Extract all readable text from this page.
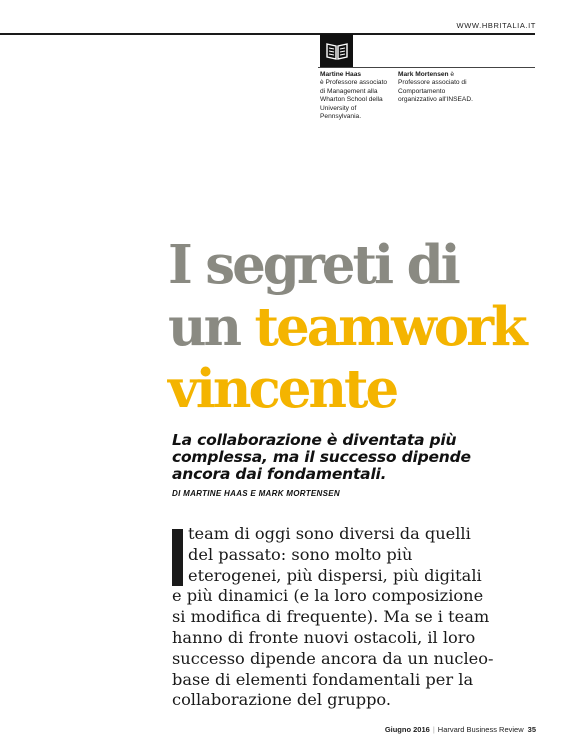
WWW.HBRITALIA.IT
Martine Haas
è Professore associato di Management alla Wharton School della University of Pennsylvania.
Mark Mortensen è Professore associato di Comportamento organizzativo all'INSEAD.
I segreti di
un teamwork
vincente
La collaborazione è diventata più complessa, ma il successo dipende ancora dai fondamentali.
DI MARTINE HAAS E MARK MORTENSEN
team di oggi sono diversi da quelli
del passato: sono molto più
eterogenei, più dispersi, più digitali
e più dinamici (e la loro composizione
si modifica di frequente). Ma se i team
hanno di fronte nuovi ostacoli, il loro
successo dipende ancora da un nucleo-
base di elementi fondamentali per la
collaborazione del gruppo.
Giugno 2016 | Harvard Business Review 35
